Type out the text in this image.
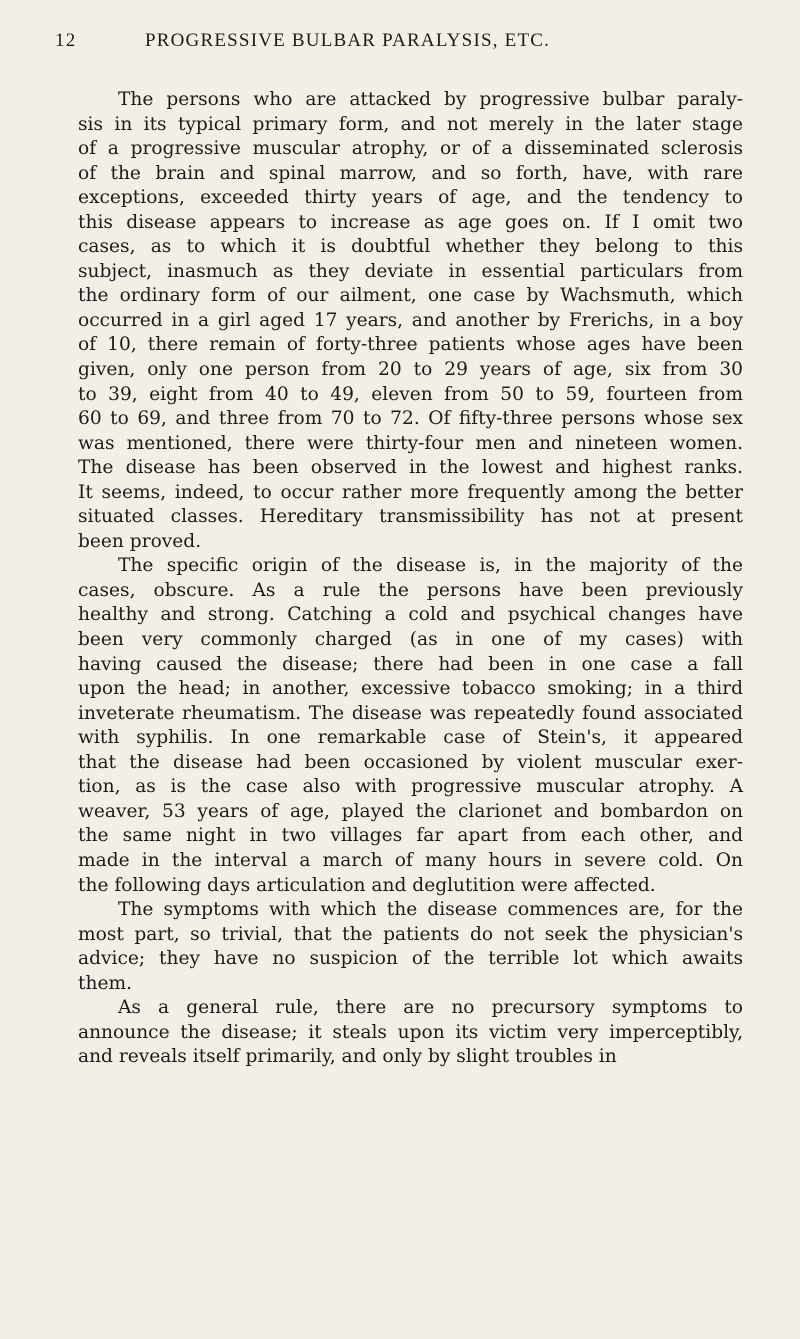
12	PROGRESSIVE BULBAR PARALYSIS, ETC.
The persons who are attacked by progressive bulbar paraly-
sis in its typical primary form, and not merely in the later stage
of a progressive muscular atrophy, or of a disseminated sclerosis
of the brain and spinal marrow, and so forth, have, with rare
exceptions, exceeded thirty years of age, and the tendency to
this disease appears to increase as age goes on. If I omit two
cases, as to which it is doubtful whether they belong to this
subject, inasmuch as they deviate in essential particulars from
the ordinary form of our ailment, one case by Wachsmuth, which
occurred in a girl aged 17 years, and another by Frerichs, in a boy
of 10, there remain of forty-three patients whose ages have been
given, only one person from 20 to 29 years of age, six from 30
to 39, eight from 40 to 49, eleven from 50 to 59, fourteen from
60 to 69, and three from 70 to 72. Of fifty-three persons whose sex
was mentioned, there were thirty-four men and nineteen women.
The disease has been observed in the lowest and highest ranks.
It seems, indeed, to occur rather more frequently among the better
situated classes. Hereditary transmissibility has not at present
been proved.
The specific origin of the disease is, in the majority of the
cases, obscure. As a rule the persons have been previously
healthy and strong. Catching a cold and psychical changes have
been very commonly charged (as in one of my cases) with
having caused the disease; there had been in one case a fall
upon the head; in another, excessive tobacco smoking; in a third
inveterate rheumatism. The disease was repeatedly found associated
with syphilis. In one remarkable case of Stein's, it appeared
that the disease had been occasioned by violent muscular exer-
tion, as is the case also with progressive muscular atrophy. A
weaver, 53 years of age, played the clarionet and bombardon on
the same night in two villages far apart from each other, and
made in the interval a march of many hours in severe cold. On
the following days articulation and deglutition were affected.
The symptoms with which the disease commences are, for the
most part, so trivial, that the patients do not seek the physician's
advice; they have no suspicion of the terrible lot which awaits
them.
As a general rule, there are no precursory symptoms to
announce the disease; it steals upon its victim very imperceptibly,
and reveals itself primarily, and only by slight troubles in
